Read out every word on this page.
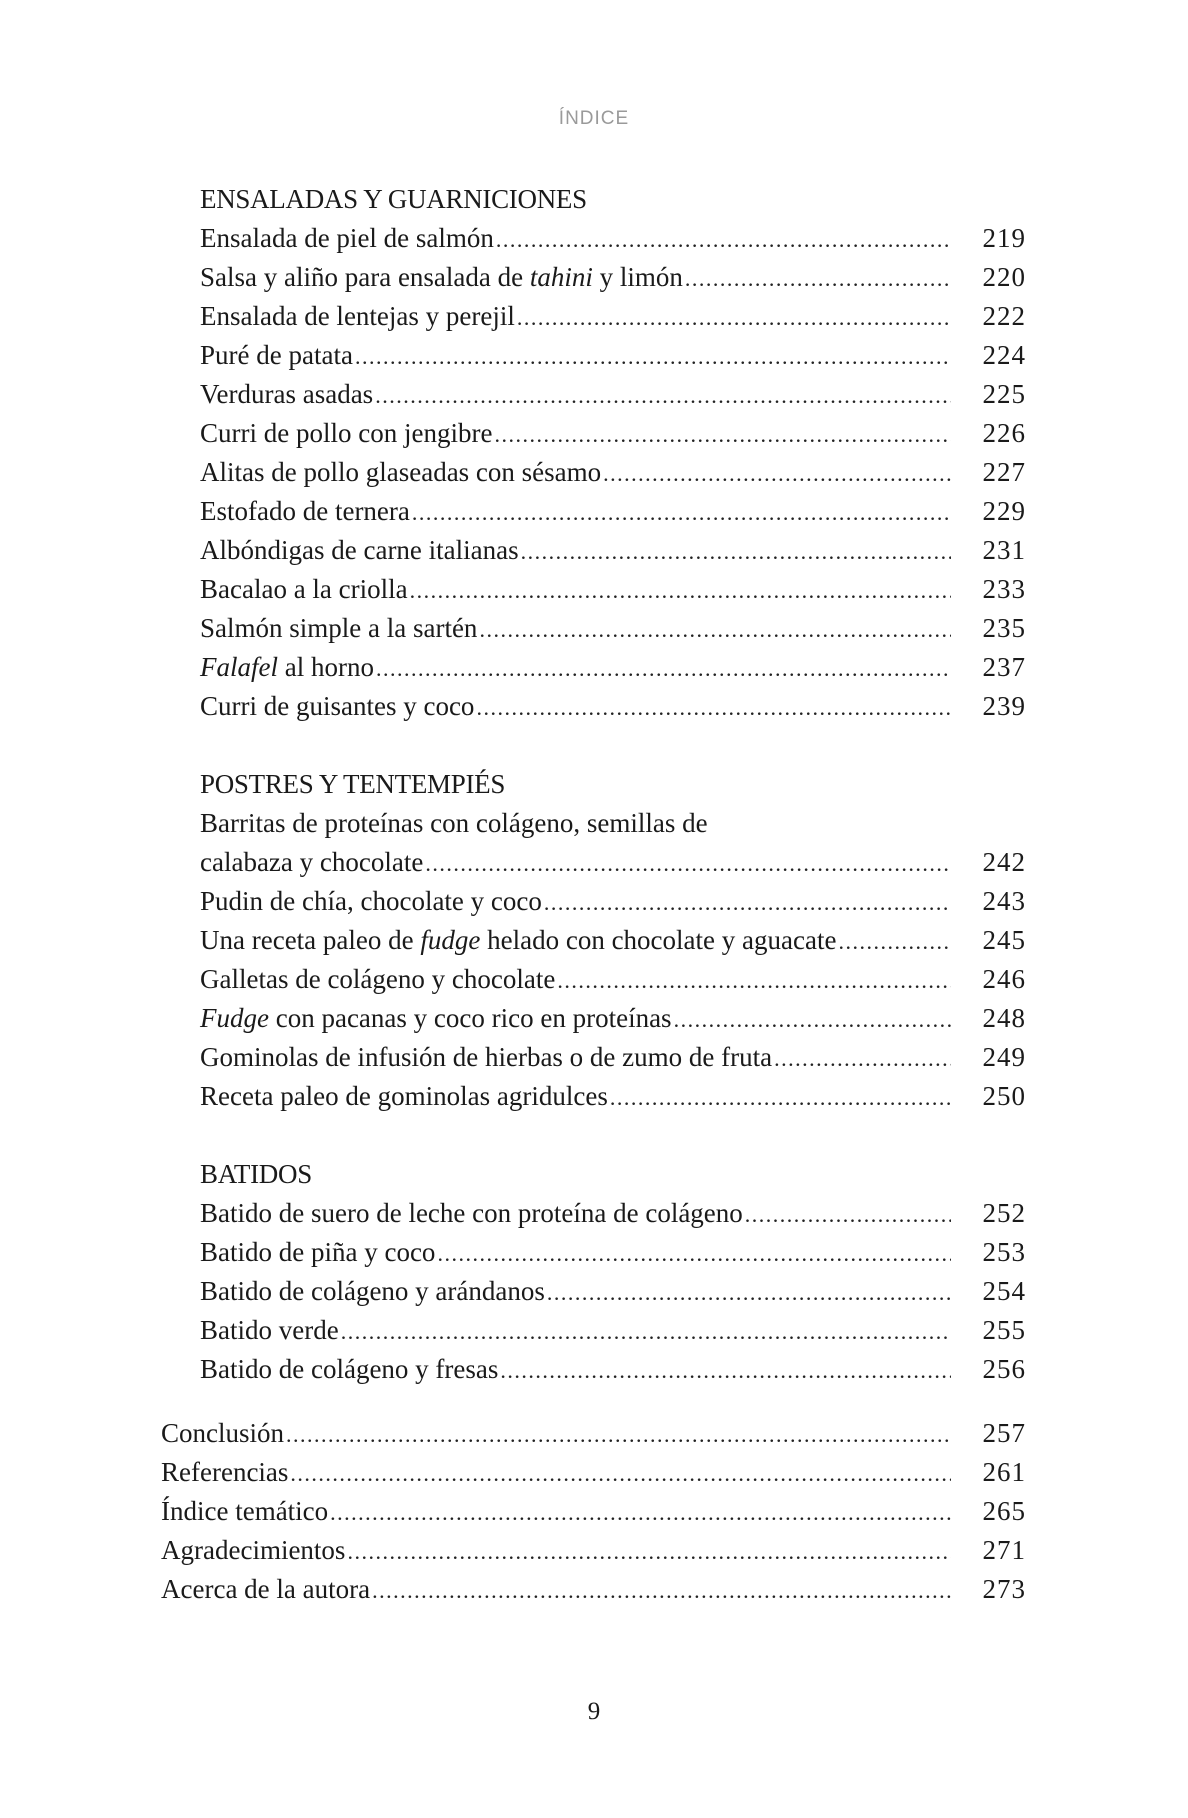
ÍNDICE
ENSALADAS Y GUARNICIONES
Ensalada de piel de salmón . . .	219
Salsa y aliño para ensalada de tahini y limón . . .	220
Ensalada de lentejas y perejil . . .	222
Puré de patata . . .	224
Verduras asadas . . .	225
Curri de pollo con jengibre . . .	226
Alitas de pollo glaseadas con sésamo . . .	227
Estofado de ternera . . .	229
Albóndigas de carne italianas . . .	231
Bacalao a la criolla . . .	233
Salmón simple a la sartén . . .	235
Falafel al horno . . .	237
Curri de guisantes y coco . . .	239
POSTRES Y TENTEMPIÉS
Barritas de proteínas con colágeno, semillas de
calabaza y chocolate . . .	242
Pudin de chía, chocolate y coco . . .	243
Una receta paleo de fudge helado con chocolate y aguacate . . .	245
Galletas de colágeno y chocolate . . .	246
Fudge con pacanas y coco rico en proteínas . . .	248
Gominolas de infusión de hierbas o de zumo de fruta . . .	249
Receta paleo de gominolas agridulces . . .	250
BATIDOS
Batido de suero de leche con proteína de colágeno . . .	252
Batido de piña y coco . . .	253
Batido de colágeno y arándanos . . .	254
Batido verde . . .	255
Batido de colágeno y fresas . . .	256
Conclusión . . .	257
Referencias . . .	261
Índice temático . . .	265
Agradecimientos . . .	271
Acerca de la autora . . .	273
9
